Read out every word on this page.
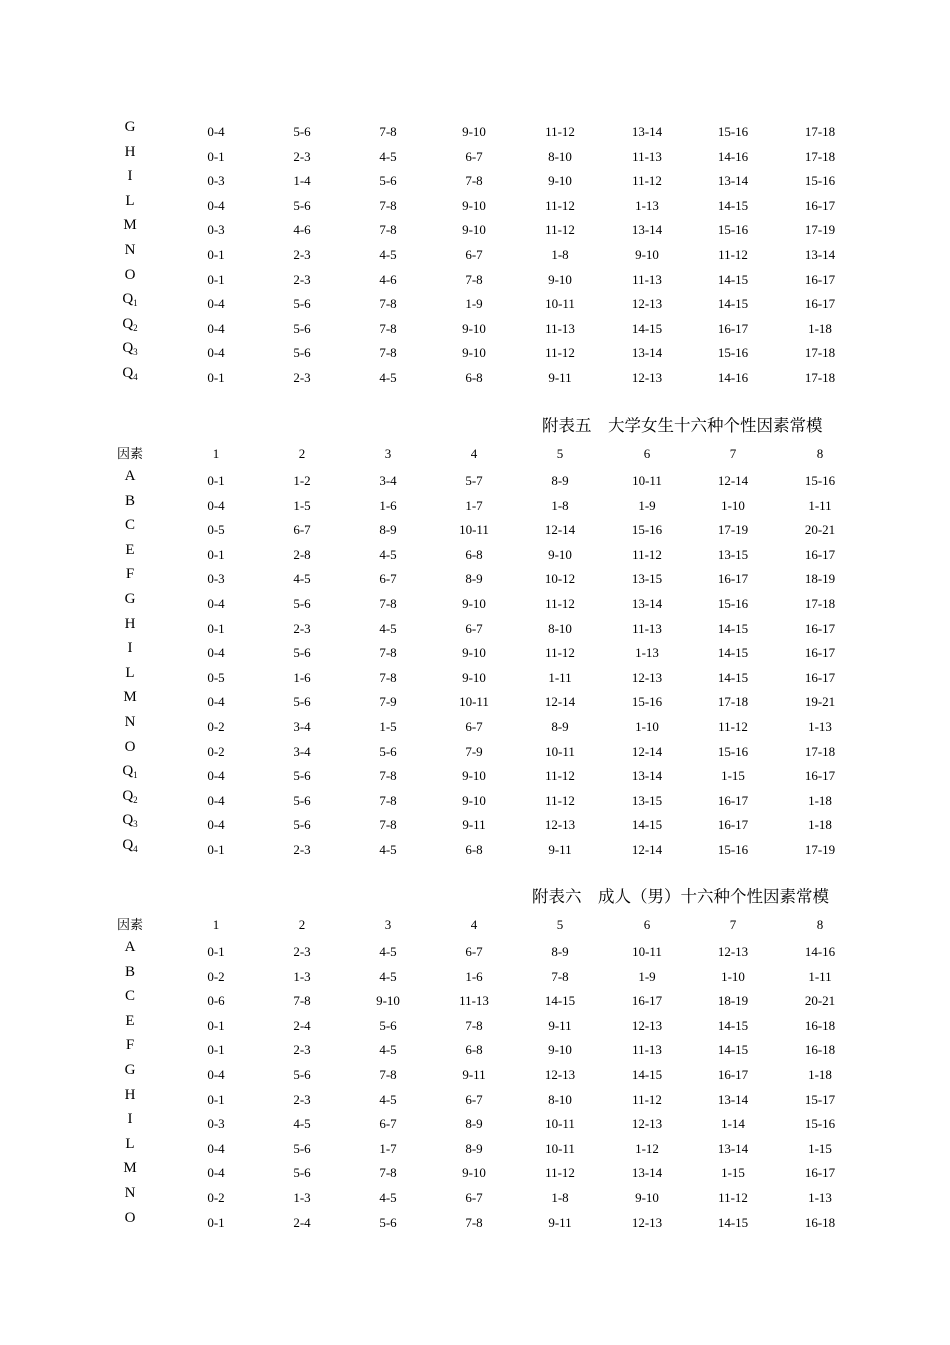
G	0-4	5-6	7-8	9-10	11-12	13-14	15-16	17-18
H	0-1	2-3	4-5	6-7	8-10	11-13	14-16	17-18
I	0-3	1-4	5-6	7-8	9-10	11-12	13-14	15-16
L	0-4	5-6	7-8	9-10	11-12	1-13	14-15	16-17
M	0-3	4-6	7-8	9-10	11-12	13-14	15-16	17-19
N	0-1	2-3	4-5	6-7	1-8	9-10	11-12	13-14
O	0-1	2-3	4-6	7-8	9-10	11-13	14-15	16-17
$Q_1$	0-4	5-6	7-8	1-9	10-11	12-13	14-15	16-17
$Q_2$	0-4	5-6	7-8	9-10	11-13	14-15	16-17	1-18
$Q_3$	0-4	5-6	7-8	9-10	11-12	13-14	15-16	17-18
$Q_4$	0-1	2-3	4-5	6-8	9-11	12-13	14-16	17-18
附表五    大学女生十六种个性因素常模
因素	1	2	3	4	5	6	7	8
A	0-1	1-2	3-4	5-7	8-9	10-11	12-14	15-16
B	0-4	1-5	1-6	1-7	1-8	1-9	1-10	1-11
C	0-5	6-7	8-9	10-11	12-14	15-16	17-19	20-21
E	0-1	2-8	4-5	6-8	9-10	11-12	13-15	16-17
F	0-3	4-5	6-7	8-9	10-12	13-15	16-17	18-19
G	0-4	5-6	7-8	9-10	11-12	13-14	15-16	17-18
H	0-1	2-3	4-5	6-7	8-10	11-13	14-15	16-17
I	0-4	5-6	7-8	9-10	11-12	1-13	14-15	16-17
L	0-5	1-6	7-8	9-10	1-11	12-13	14-15	16-17
M	0-4	5-6	7-9	10-11	12-14	15-16	17-18	19-21
N	0-2	3-4	1-5	6-7	8-9	1-10	11-12	1-13
O	0-2	3-4	5-6	7-9	10-11	12-14	15-16	17-18
$Q_1$	0-4	5-6	7-8	9-10	11-12	13-14	1-15	16-17
$Q_2$	0-4	5-6	7-8	9-10	11-12	13-15	16-17	1-18
$Q_3$	0-4	5-6	7-8	9-11	12-13	14-15	16-17	1-18
$Q_4$	0-1	2-3	4-5	6-8	9-11	12-14	15-16	17-19
附表六    成人（男）十六种个性因素常模
因素	1	2	3	4	5	6	7	8
A	0-1	2-3	4-5	6-7	8-9	10-11	12-13	14-16
B	0-2	1-3	4-5	1-6	7-8	1-9	1-10	1-11
C	0-6	7-8	9-10	11-13	14-15	16-17	18-19	20-21
E	0-1	2-4	5-6	7-8	9-11	12-13	14-15	16-18
F	0-1	2-3	4-5	6-8	9-10	11-13	14-15	16-18
G	0-4	5-6	7-8	9-11	12-13	14-15	16-17	1-18
H	0-1	2-3	4-5	6-7	8-10	11-12	13-14	15-17
I	0-3	4-5	6-7	8-9	10-11	12-13	1-14	15-16
L	0-4	5-6	1-7	8-9	10-11	1-12	13-14	1-15
M	0-4	5-6	7-8	9-10	11-12	13-14	1-15	16-17
N	0-2	1-3	4-5	6-7	1-8	9-10	11-12	1-13
O	0-1	2-4	5-6	7-8	9-11	12-13	14-15	16-18
